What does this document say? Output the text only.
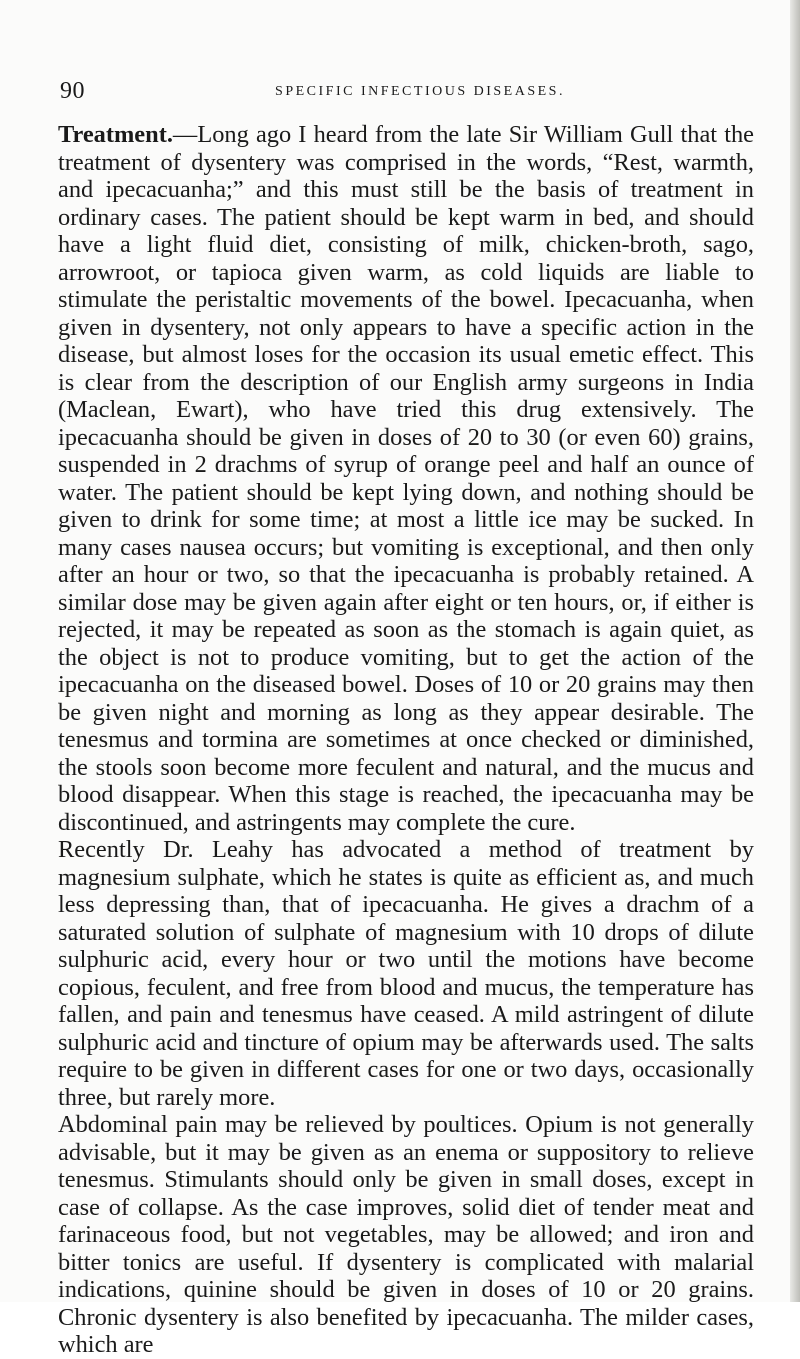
90	SPECIFIC INFECTIOUS DISEASES.

Treatment.—Long ago I heard from the late Sir William Gull that the treatment of dysentery was comprised in the words, “Rest, warmth, and ipecacuanha;” and this must still be the basis of treatment in ordinary cases. The patient should be kept warm in bed, and should have a light fluid diet, consisting of milk, chicken-broth, sago, arrowroot, or tapioca given warm, as cold liquids are liable to stimulate the peristaltic movements of the bowel. Ipecacuanha, when given in dysentery, not only appears to have a specific action in the disease, but almost loses for the occasion its usual emetic effect. This is clear from the description of our English army surgeons in India (Maclean, Ewart), who have tried this drug extensively. The ipecacuanha should be given in doses of 20 to 30 (or even 60) grains, suspended in 2 drachms of syrup of orange peel and half an ounce of water. The patient should be kept lying down, and nothing should be given to drink for some time; at most a little ice may be sucked. In many cases nausea occurs; but vomiting is exceptional, and then only after an hour or two, so that the ipecacuanha is probably retained. A similar dose may be given again after eight or ten hours, or, if either is rejected, it may be repeated as soon as the stomach is again quiet, as the object is not to produce vomiting, but to get the action of the ipecacuanha on the diseased bowel. Doses of 10 or 20 grains may then be given night and morning as long as they appear desirable. The tenesmus and tormina are sometimes at once checked or diminished, the stools soon become more feculent and natural, and the mucus and blood disappear. When this stage is reached, the ipecacuanha may be discontinued, and astringents may complete the cure.

Recently Dr. Leahy has advocated a method of treatment by magnesium sulphate, which he states is quite as efficient as, and much less depressing than, that of ipecacuanha. He gives a drachm of a saturated solution of sulphate of magnesium with 10 drops of dilute sulphuric acid, every hour or two until the motions have become copious, feculent, and free from blood and mucus, the temperature has fallen, and pain and tenesmus have ceased. A mild astringent of dilute sulphuric acid and tincture of opium may be afterwards used. The salts require to be given in different cases for one or two days, occasionally three, but rarely more.

Abdominal pain may be relieved by poultices. Opium is not generally advisable, but it may be given as an enema or suppository to relieve tenesmus. Stimulants should only be given in small doses, except in case of collapse. As the case improves, solid diet of tender meat and farinaceous food, but not vegetables, may be allowed; and iron and bitter tonics are useful. If dysentery is complicated with malarial indications, quinine should be given in doses of 10 or 20 grains. Chronic dysentery is also benefited by ipecacuanha. The milder cases, which are
